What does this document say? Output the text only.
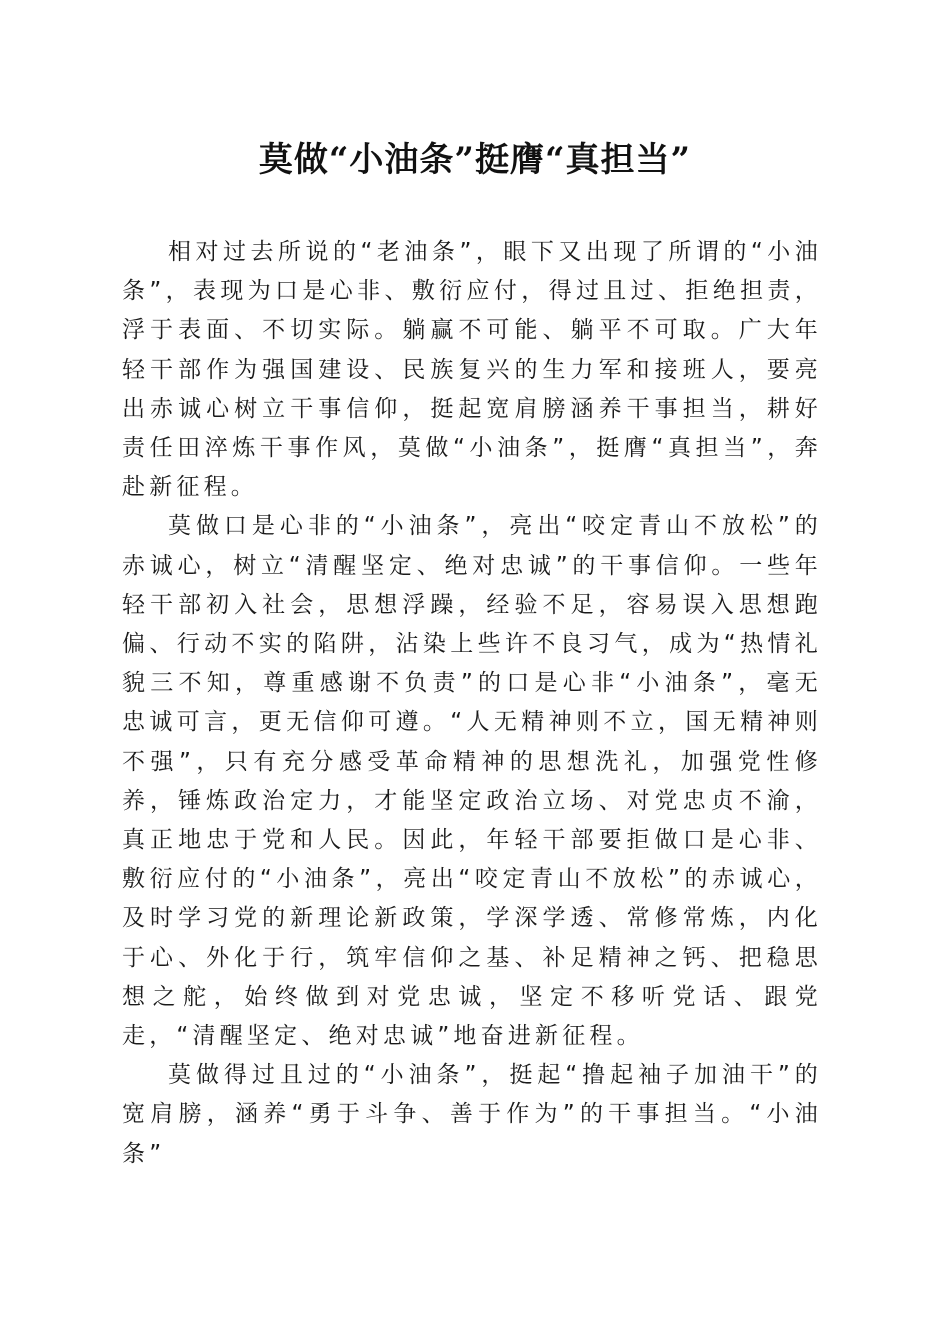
莫做“小油条”挺膺“真担当”

相对过去所说的“老油条”，眼下又出现了所谓的“小油条”，表现为口是心非、敷衍应付，得过且过、拒绝担责，浮于表面、不切实际。躺赢不可能、躺平不可取。广大年轻干部作为强国建设、民族复兴的生力军和接班人，要亮出赤诚心树立干事信仰，挺起宽肩膀涵养干事担当，耕好责任田淬炼干事作风，莫做“小油条”，挺膺“真担当”，奔赴新征程。

莫做口是心非的“小油条”，亮出“咬定青山不放松”的赤诚心，树立“清醒坚定、绝对忠诚”的干事信仰。一些年轻干部初入社会，思想浮躁，经验不足，容易误入思想跑偏、行动不实的陷阱，沾染上些许不良习气，成为“热情礼貌三不知，尊重感谢不负责”的口是心非“小油条”，毫无忠诚可言，更无信仰可遵。“人无精神则不立，国无精神则不强”，只有充分感受革命精神的思想洗礼，加强党性修养，锤炼政治定力，才能坚定政治立场、对党忠贞不渝，真正地忠于党和人民。因此，年轻干部要拒做口是心非、敷衍应付的“小油条”，亮出“咬定青山不放松”的赤诚心，及时学习党的新理论新政策，学深学透、常修常炼，内化于心、外化于行，筑牢信仰之基、补足精神之钙、把稳思想之舵，始终做到对党忠诚，坚定不移听党话、跟党走，“清醒坚定、绝对忠诚”地奋进新征程。

莫做得过且过的“小油条”，挺起“撸起袖子加油干”的宽肩膀，涵养“勇于斗争、善于作为”的干事担当。“小油条”
